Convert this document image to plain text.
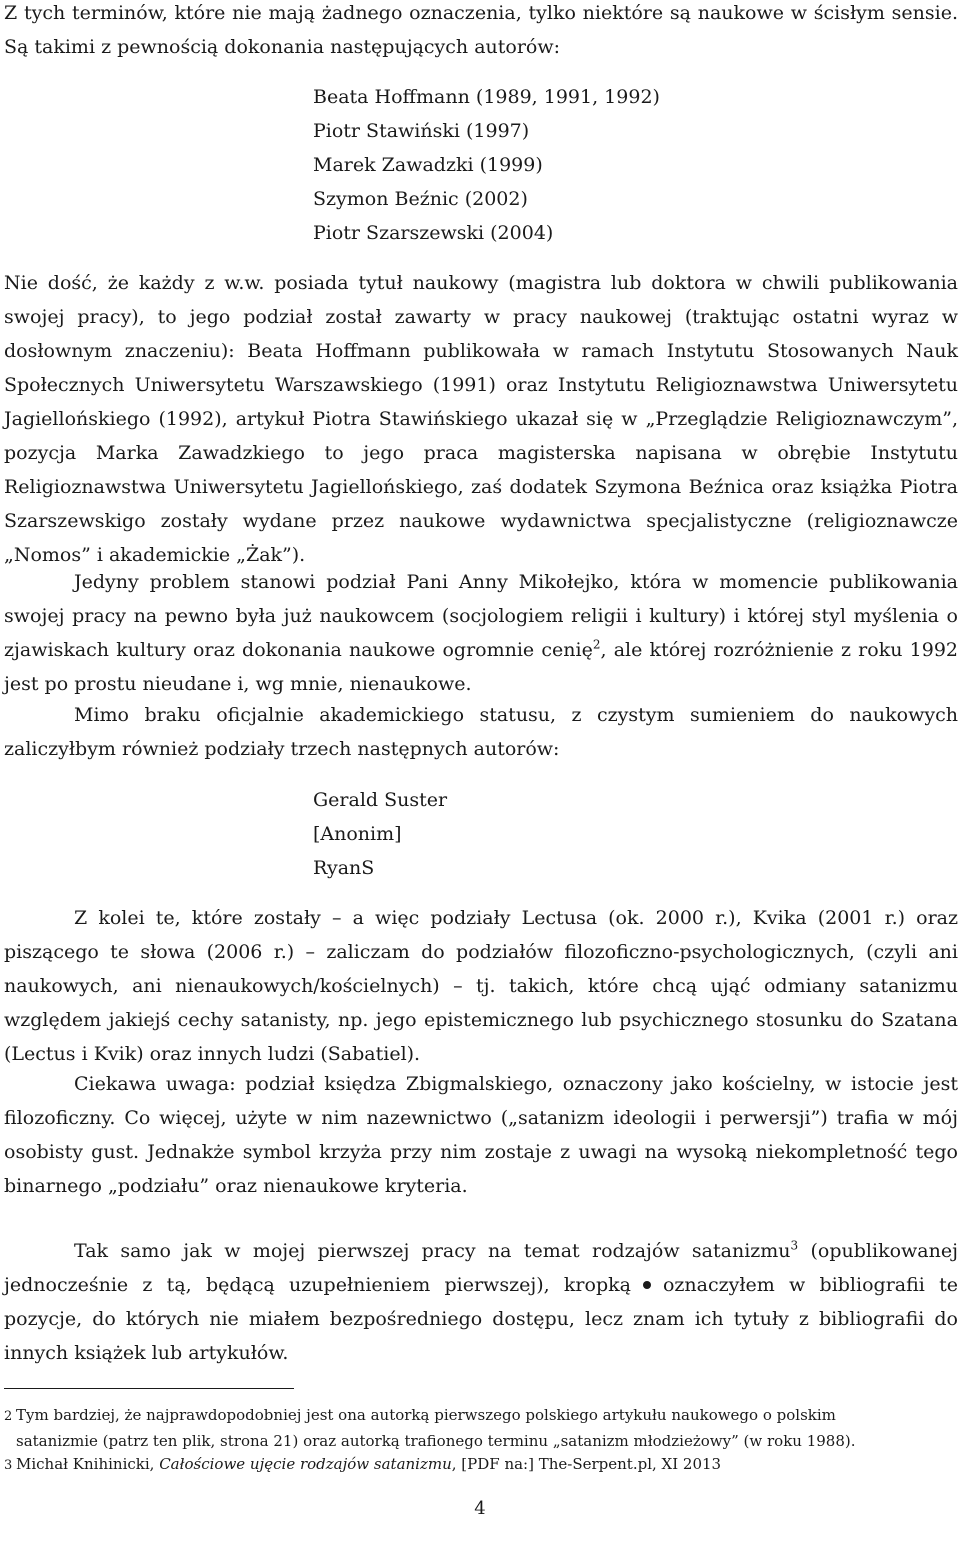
Z tych terminów, które nie mają żadnego oznaczenia, tylko niektóre są naukowe w ścisłym sensie. Są takimi z pewnością dokonania następujących autorów:

Beata Hoffmann (1989, 1991, 1992)
Piotr Stawiński (1997)
Marek Zawadzki (1999)
Szymon Beźnic (2002)
Piotr Szarszewski (2004)

Nie dość, że każdy z w.w. posiada tytuł naukowy (magistra lub doktora w chwili publikowania swojej pracy), to jego podział został zawarty w pracy naukowej (traktując ostatni wyraz w dosłownym znaczeniu): Beata Hoffmann publikowała w ramach Instytutu Stosowanych Nauk Społecznych Uniwersytetu Warszawskiego (1991) oraz Instytutu Religioznawstwa Uniwersytetu Jagiellońskiego (1992), artykuł Piotra Stawińskiego ukazał się w „Przeglądzie Religioznawczym”, pozycja Marka Zawadzkiego to jego praca magisterska napisana w obrębie Instytutu Religioznawstwa Uniwersytetu Jagiellońskiego, zaś dodatek Szymona Beźnica oraz książka Piotra Szarszewskigo zostały wydane przez naukowe wydawnictwa specjalistyczne (religioznawcze „Nomos” i akademickie „Żak”).

Jedyny problem stanowi podział Pani Anny Mikołejko, która w momencie publikowania swojej pracy na pewno była już naukowcem (socjologiem religii i kultury) i której styl myślenia o zjawiskach kultury oraz dokonania naukowe ogromnie cenię$^2$, ale której rozróżnienie z roku 1992 jest po prostu nieudane i, wg mnie, nienaukowe.

Mimo braku oficjalnie akademickiego statusu, z czystym sumieniem do naukowych zaliczyłbym również podziały trzech następnych autorów:

Gerald Suster
[Anonim]
RyanS

Z kolei te, które zostały – a więc podziały Lectusa (ok. 2000 r.), Kvika (2001 r.) oraz piszącego te słowa (2006 r.) – zaliczam do podziałów filozoficzno-psychologicznych, (czyli ani naukowych, ani nienaukowych/kościelnych) – tj. takich, które chcą ująć odmiany satanizmu względem jakiejś cechy satanisty, np. jego epistemicznego lub psychicznego stosunku do Szatana (Lectus i Kvik) oraz innych ludzi (Sabatiel).

Ciekawa uwaga: podział księdza Zbigmalskiego, oznaczony jako kościelny, w istocie jest filozoficzny. Co więcej, użyte w nim nazewnictwo („satanizm ideologii i perwersji”) trafia w mój osobisty gust. Jednakże symbol krzyża przy nim zostaje z uwagi na wysoką niekompletność tego binarnego „podziału” oraz nienaukowe kryteria.

Tak samo jak w mojej pierwszej pracy na temat rodzajów satanizmu$^3$ (opublikowanej jednocześnie z tą, będącą uzupełnieniem pierwszej), kropką oznaczyłem w bibliografii te pozycje, do których nie miałem bezpośredniego dostępu, lecz znam ich tytuły z bibliografii do innych książek lub artykułów.

2 Tym bardziej, że najprawdopodobniej jest ona autorką pierwszego polskiego artykułu naukowego o polskim
satanizmie (patrz ten plik, strona 21) oraz autorką trafionego terminu „satanizm młodzieżowy” (w roku 1988).
3 Michał Knihinicki, Całościowe ujęcie rodzajów satanizmu, [PDF na:] The-Serpent.pl, XI 2013
4
